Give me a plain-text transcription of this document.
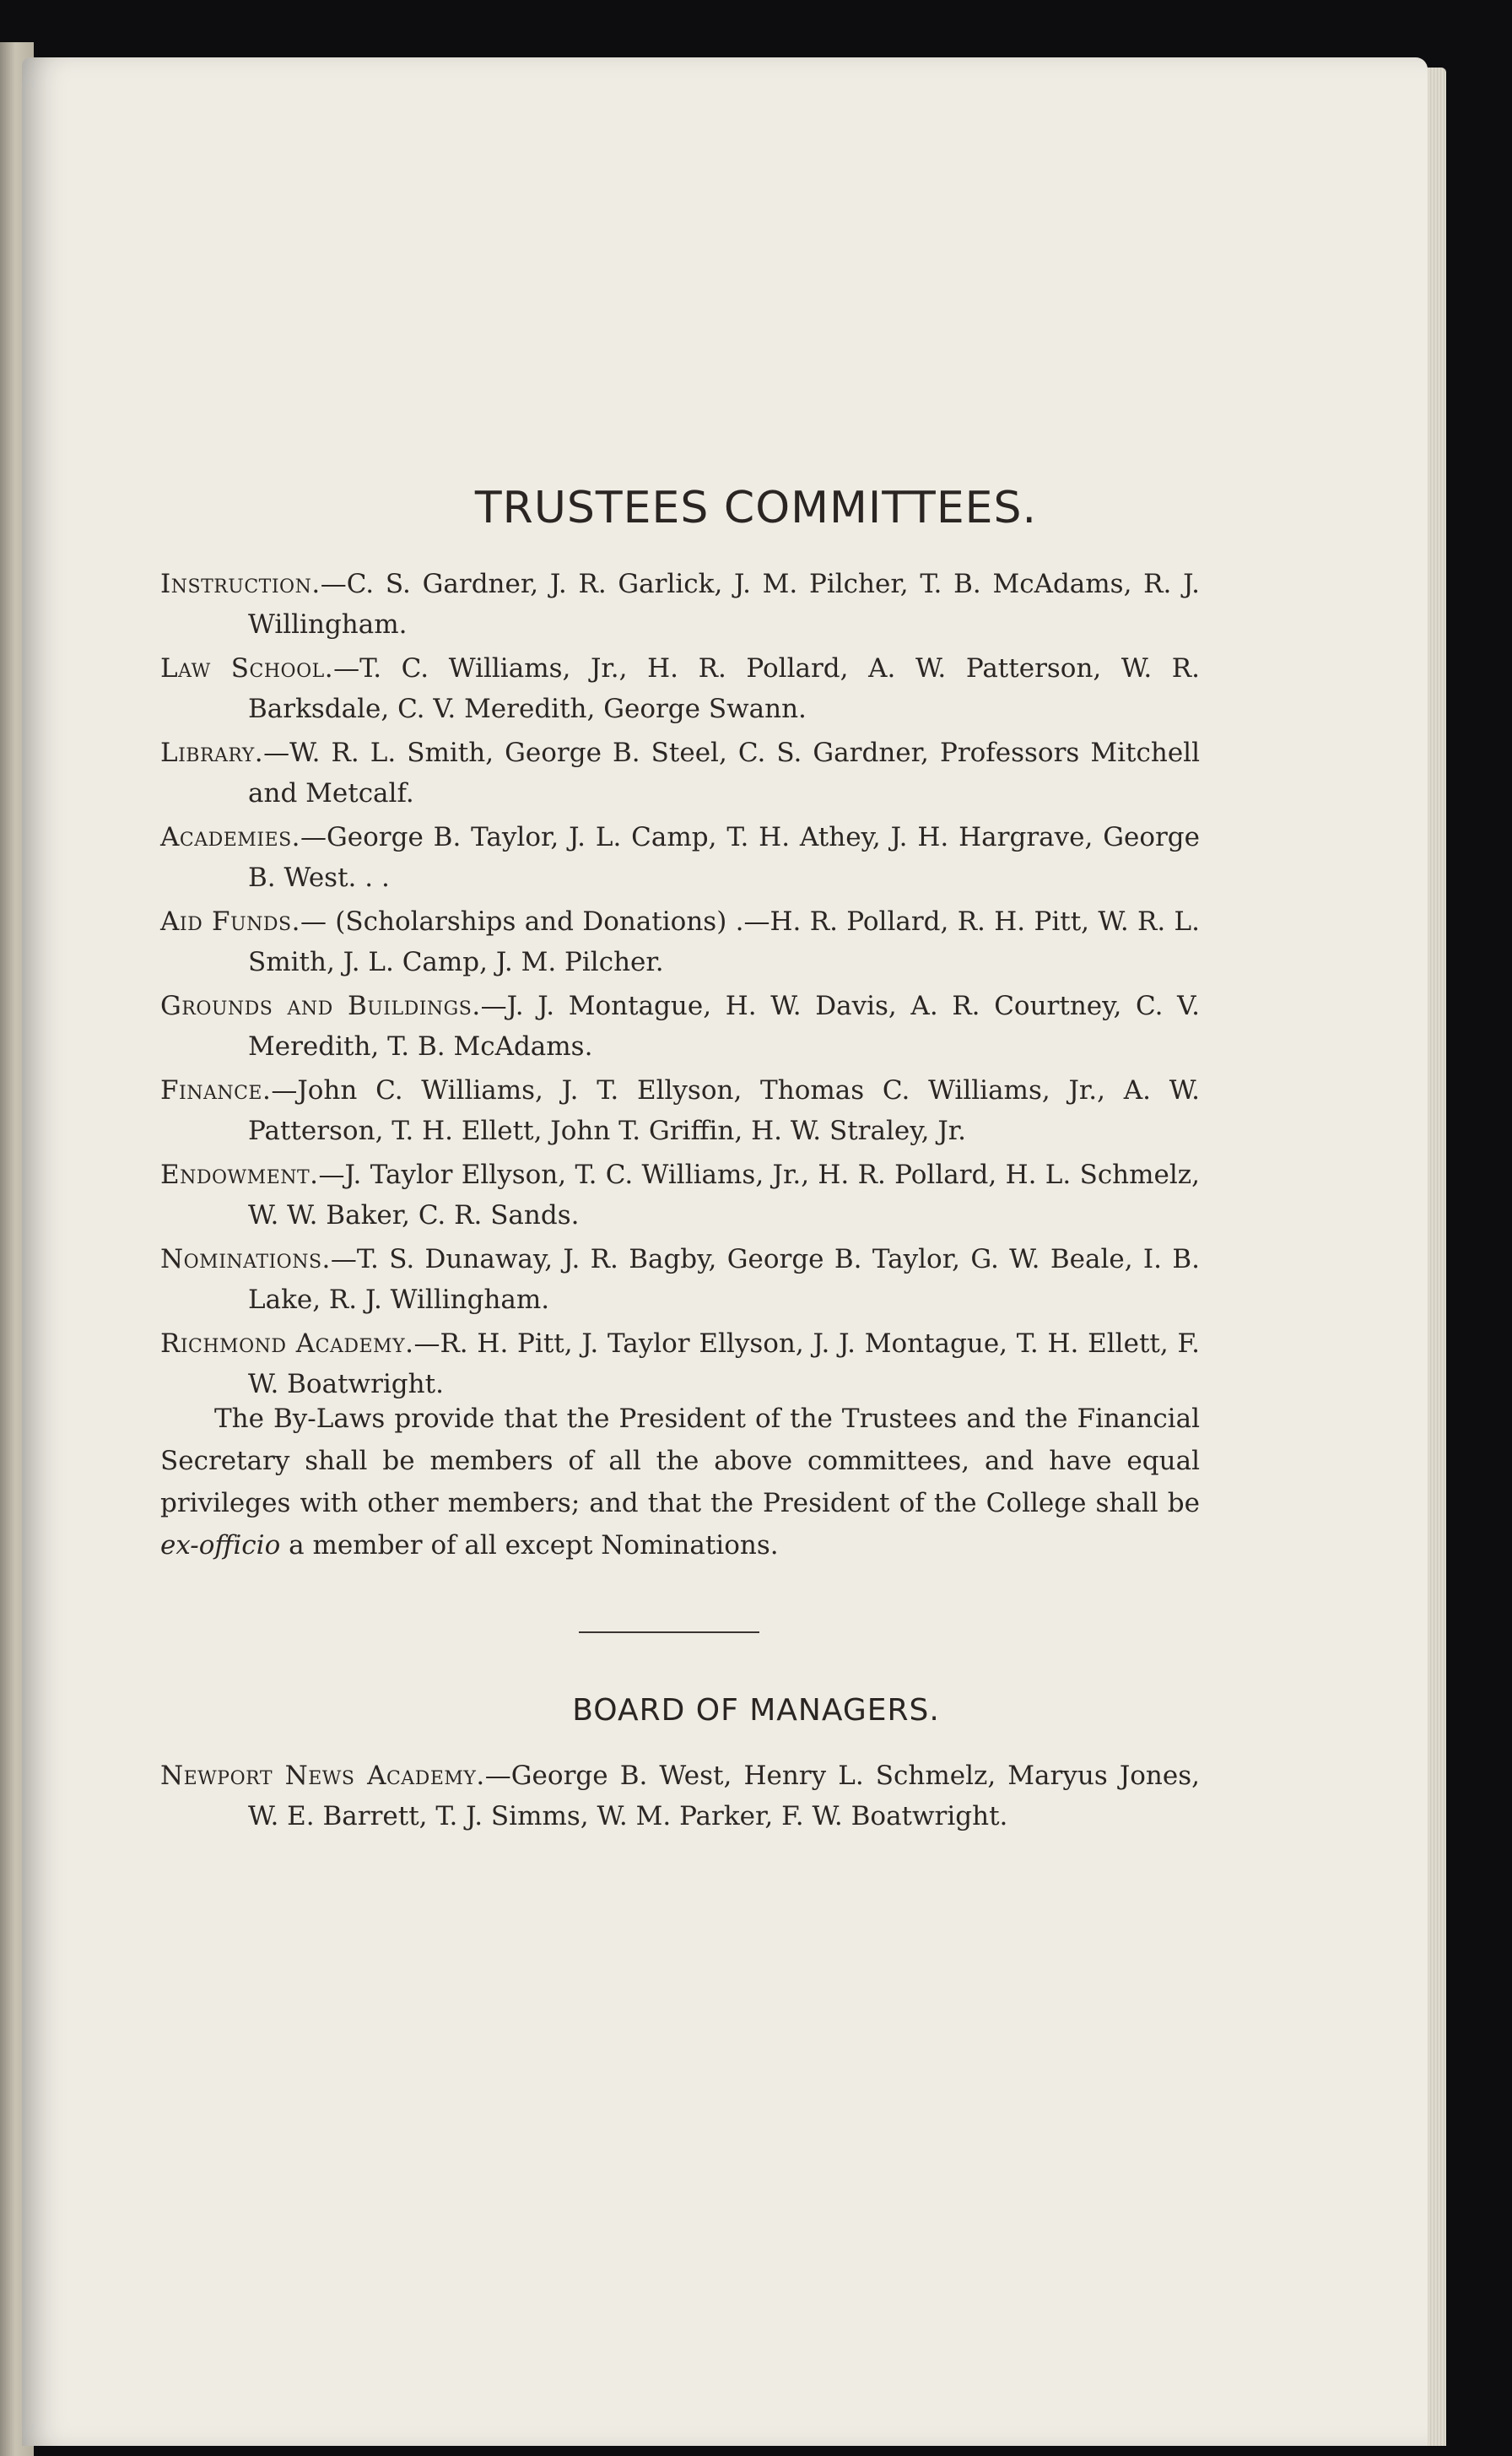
TRUSTEES COMMITTEES.
Instruction.—C. S. Gardner, J. R. Garlick, J. M. Pilcher, T. B. McAdams, R. J. Willingham.
Law School.—T. C. Williams, Jr., H. R. Pollard, A. W. Patterson, W. R. Barksdale, C. V. Meredith, George Swann.
Library.—W. R. L. Smith, George B. Steel, C. S. Gardner, Professors Mitchell and Metcalf.
Academies.—George B. Taylor, J. L. Camp, T. H. Athey, J. H. Hargrave, George B. West. . .
Aid Funds.— (Scholarships and Donations) .—H. R. Pollard, R. H. Pitt, W. R. L. Smith, J. L. Camp, J. M. Pilcher.
Grounds and Buildings.—J. J. Montague, H. W. Davis, A. R. Courtney, C. V. Meredith, T. B. McAdams.
Finance.—John C. Williams, J. T. Ellyson, Thomas C. Williams, Jr., A. W. Patterson, T. H. Ellett, John T. Griffin, H. W. Straley, Jr.
Endowment.—J. Taylor Ellyson, T. C. Williams, Jr., H. R. Pollard, H. L. Schmelz, W. W. Baker, C. R. Sands.
Nominations.—T. S. Dunaway, J. R. Bagby, George B. Taylor, G. W. Beale, I. B. Lake, R. J. Willingham.
Richmond Academy.—R. H. Pitt, J. Taylor Ellyson, J. J. Montague, T. H. Ellett, F. W. Boatwright.

The By-Laws provide that the President of the Trustees and the Financial Secretary shall be members of all the above committees, and have equal privileges with other members; and that the President of the College shall be ex-officio a member of all except Nominations.

BOARD OF MANAGERS.

Newport News Academy.—George B. West, Henry L. Schmelz, Maryus Jones, W. E. Barrett, T. J. Simms, W. M. Parker, F. W. Boatwright.
